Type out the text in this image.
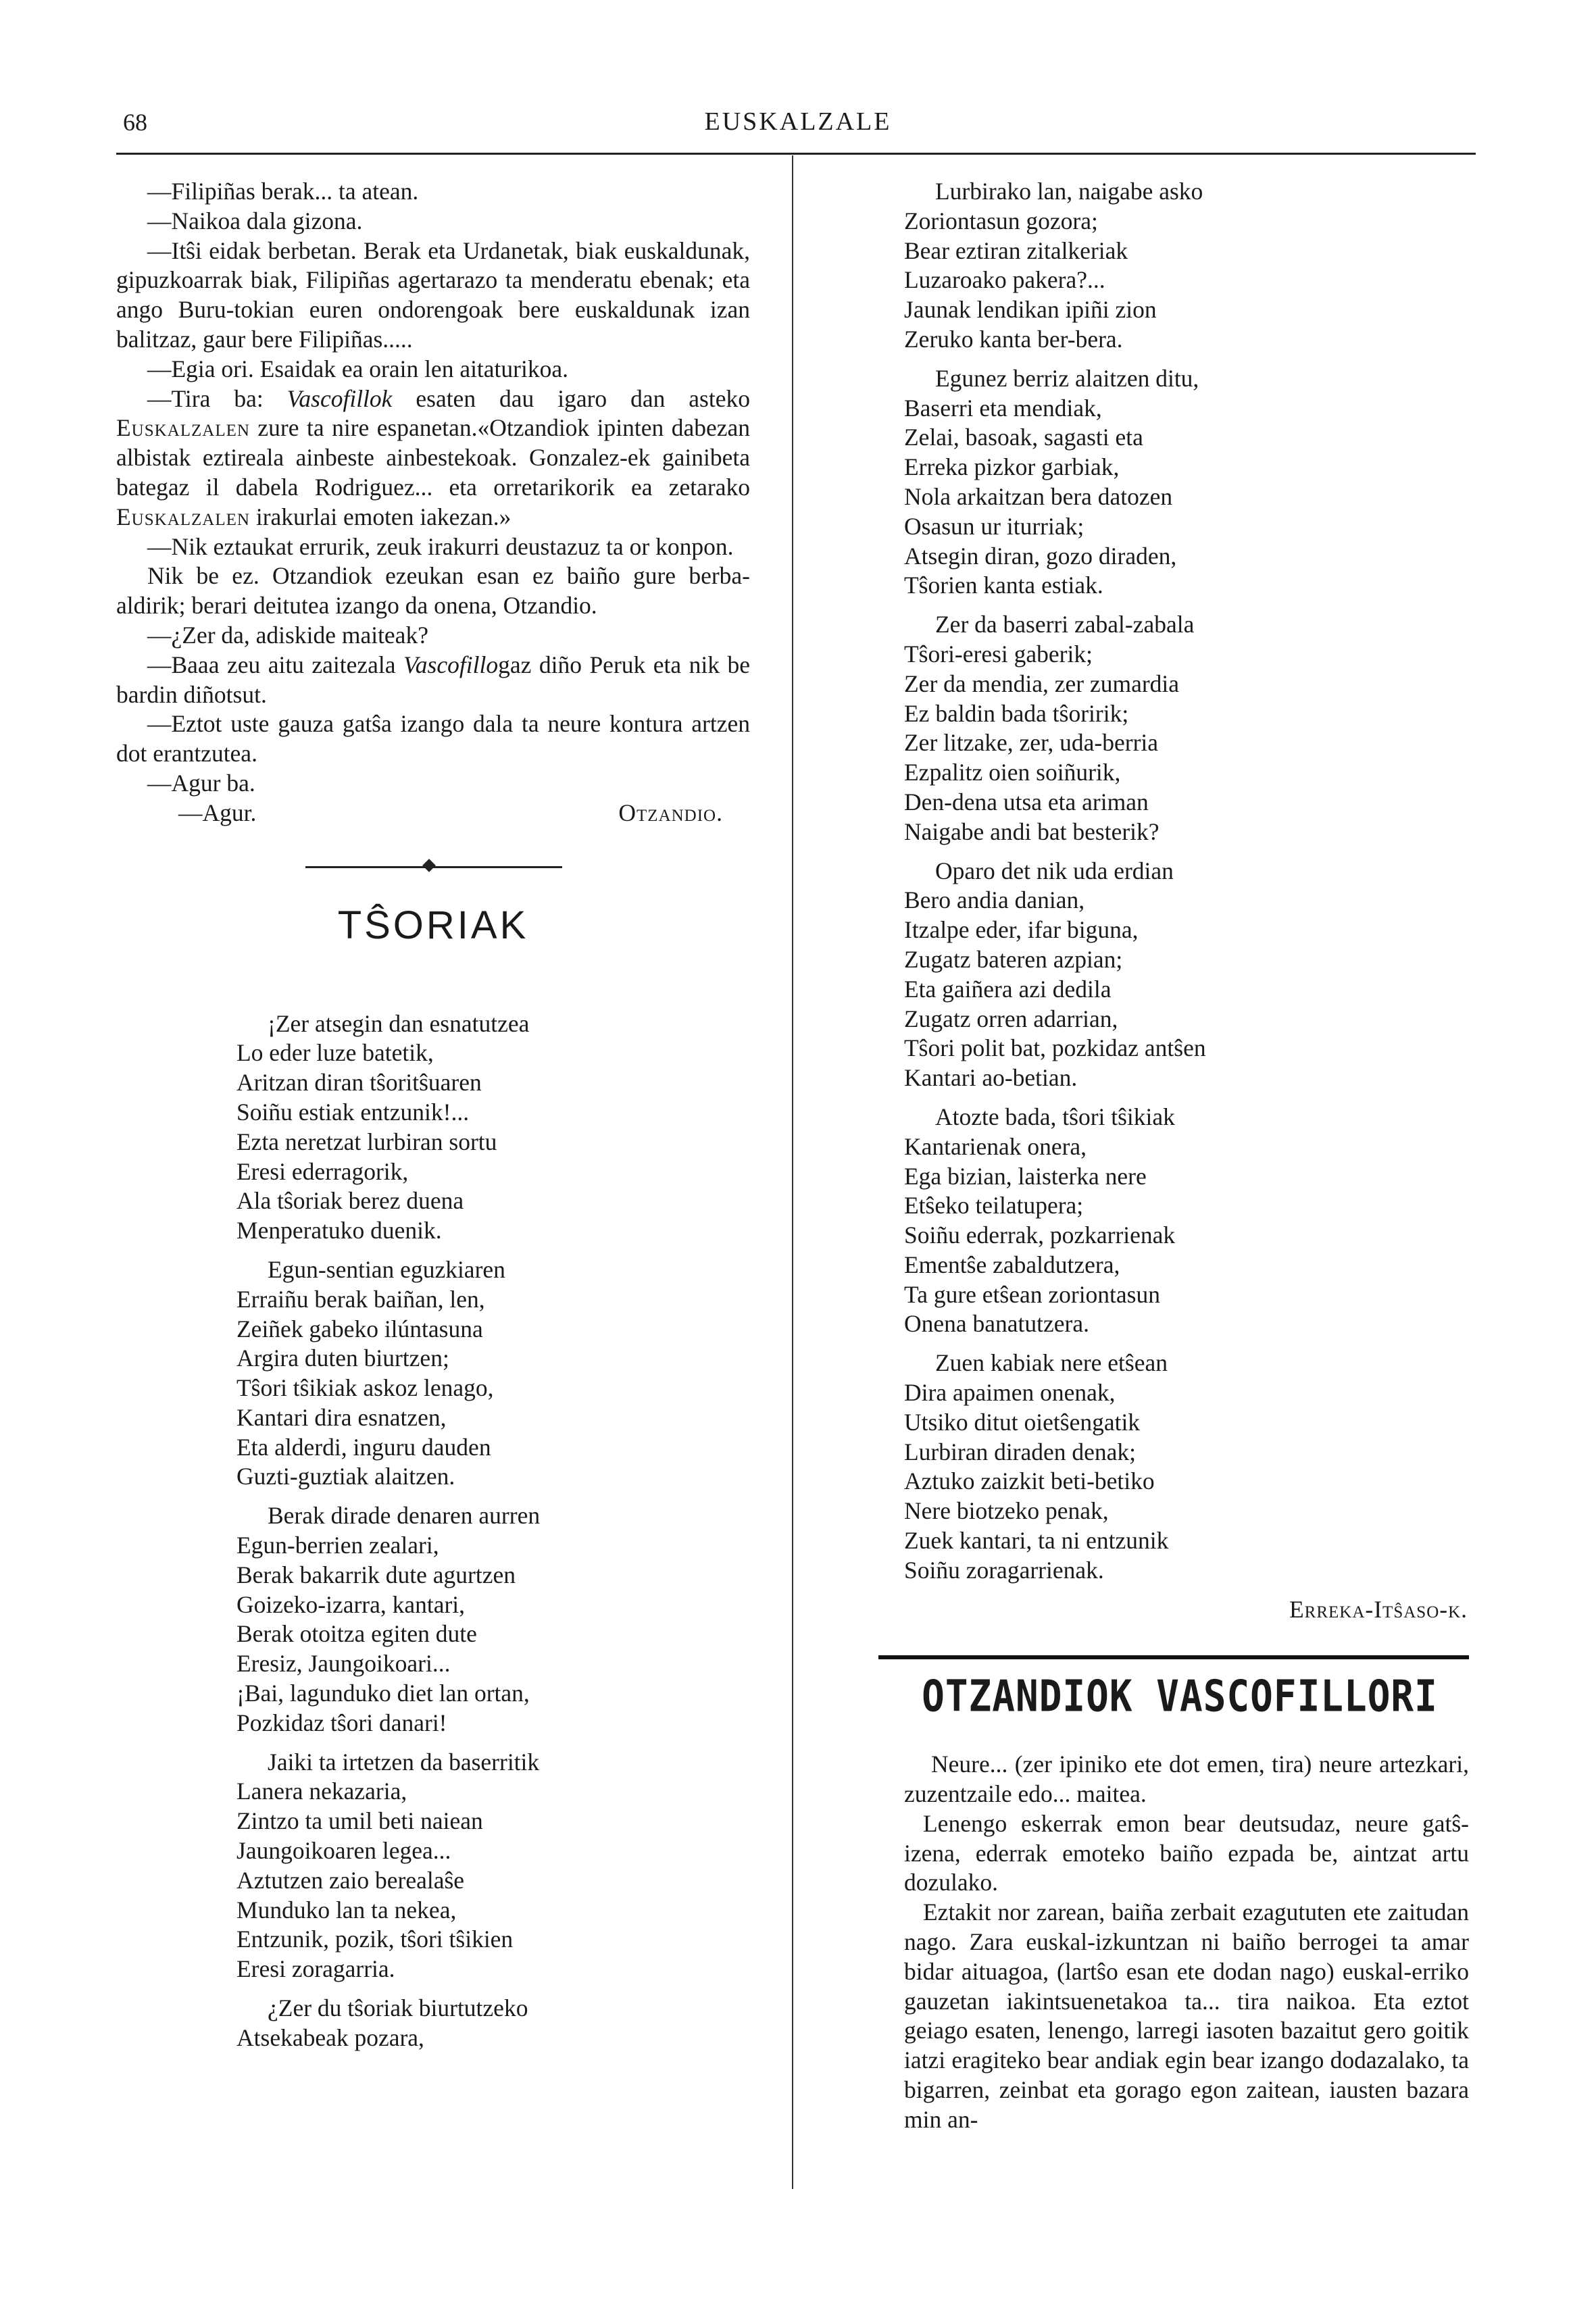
68	EUSKALZALE

—Filipiñas berak... ta atean.

—Naikoa dala gizona.

—Itŝi eidak berbetan. Berak eta Urdanetak, biak euskaldunak, gipuzkoarrak biak, Filipiñas agertarazo ta menderatu ebenak; eta ango Buru-tokian euren ondorengoak bere euskaldunak izan balitzaz, gaur bere Filipiñas.....

—Egia ori. Esaidak ea orain len aitaturikoa.

—Tira ba: Vascofillok esaten dau igaro dan asteko Euskalzalen zure ta nire espanetan.«Otzandiok ipinten dabezan albistak eztireala ainbeste ainbestekoak. Gonzalez-ek gainibeta bategaz il dabela Rodriguez... eta orretarikorik ea zetarako Euskalzalen irakurlai emoten iakezan.»

—Nik eztaukat errurik, zeuk irakurri deustazuz ta or konpon.

Nik be ez. Otzandiok ezeukan esan ez baiño gure berba-aldirik; berari deitutea izango da onena, Otzandio.

—¿Zer da, adiskide maiteak?

—Baaa zeu aitu zaitezala Vascofillogaz diño Peruk eta nik be bardin diñotsut.

—Eztot uste gauza gatŝa izango dala ta neure kontura artzen dot erantzutea.

—Agur ba.

—Agur.	Otzandio.
TŜORIAK
¡Zer atsegin dan esnatutzea
Lo eder luze batetik,
Aritzan diran tŝoritŝuaren
Soiñu estiak entzunik!...
Ezta neretzat lurbiran sortu
Eresi ederragorik,
Ala tŝoriak berez duena
Menperatuko duenik.
Egun-sentian eguzkiaren
Erraiñu berak baiñan, len,
Zeiñek gabeko ilúntasuna
Argira duten biurtzen;
Tŝori tŝikiak askoz lenago,
Kantari dira esnatzen,
Eta alderdi, inguru dauden
Guzti-guztiak alaitzen.
Berak dirade denaren aurren
Egun-berrien zealari,
Berak bakarrik dute agurtzen
Goizeko-izarra, kantari,
Berak otoitza egiten dute
Eresiz, Jaungoikoari...
¡Bai, lagunduko diet lan ortan,
Pozkidaz tŝori danari!
Jaiki ta irtetzen da baserritik
Lanera nekazaria,
Zintzo ta umil beti naiean
Jaungoikoaren legea...
Aztutzen zaio berealaŝe
Munduko lan ta nekea,
Entzunik, pozik, tŝori tŝikien
Eresi zoragarria.
¿Zer du tŝoriak biurtutzeko
Atsekabeak pozara,
Lurbirako lan, naigabe asko
Zoriontasun gozora;
Bear eztiran zitalkeriak
Luzaroako pakera?...
Jaunak lendikan ipiñi zion
Zeruko kanta ber-bera.
Egunez berriz alaitzen ditu,
Baserri eta mendiak,
Zelai, basoak, sagasti eta
Erreka pizkor garbiak,
Nola arkaitzan bera datozen
Osasun ur iturriak;
Atsegin diran, gozo diraden,
Tŝorien kanta estiak.
Zer da baserri zabal-zabala
Tŝori-eresi gaberik;
Zer da mendia, zer zumardia
Ez baldin bada tŝoririk;
Zer litzake, zer, uda-berria
Ezpalitz oien soiñurik,
Den-dena utsa eta ariman
Naigabe andi bat besterik?
Oparo det nik uda erdian
Bero andia danian,
Itzalpe eder, ifar biguna,
Zugatz bateren azpian;
Eta gaiñera azi dedila
Zugatz orren adarrian,
Tŝori polit bat, pozkidaz antŝen
Kantari ao-betian.
Atozte bada, tŝori tŝikiak
Kantarienak onera,
Ega bizian, laisterka nere
Etŝeko teilatupera;
Soiñu ederrak, pozkarrienak
Ementŝe zabaldutzera,
Ta gure etŝean zoriontasun
Onena banatutzera.
Zuen kabiak nere etŝean
Dira apaimen onenak,
Utsiko ditut oietŝengatik
Lurbiran diraden denak;
Aztuko zaizkit beti-betiko
Nere biotzeko penak,
Zuek kantari, ta ni entzunik
Soiñu zoragarrienak.
Erreka-Itŝaso-k.
OTZANDIOK VASCOFILLORI

Neure... (zer ipiniko ete dot emen, tira) neure artezkari, zuzentzaile edo... maitea.

Lenengo eskerrak emon bear deutsudaz, neure gatŝ-izena, ederrak emoteko baiño ezpada be, aintzat artu dozulako.

Eztakit nor zarean, baiña zerbait ezagututen ete zaitudan nago. Zara euskal-izkuntzan ni baiño berrogei ta amar bidar aituagoa, (lartŝo esan ete dodan nago) euskal-erriko gauzetan iakintsuenetakoa ta... tira naikoa. Eta eztot geiago esaten, lenengo, larregi iasoten bazaitut gero goitik iatzi eragiteko bear andiak egin bear izango dodazalako, ta bigarren, zeinbat eta gorago egon zaitean, iausten bazara min an-
